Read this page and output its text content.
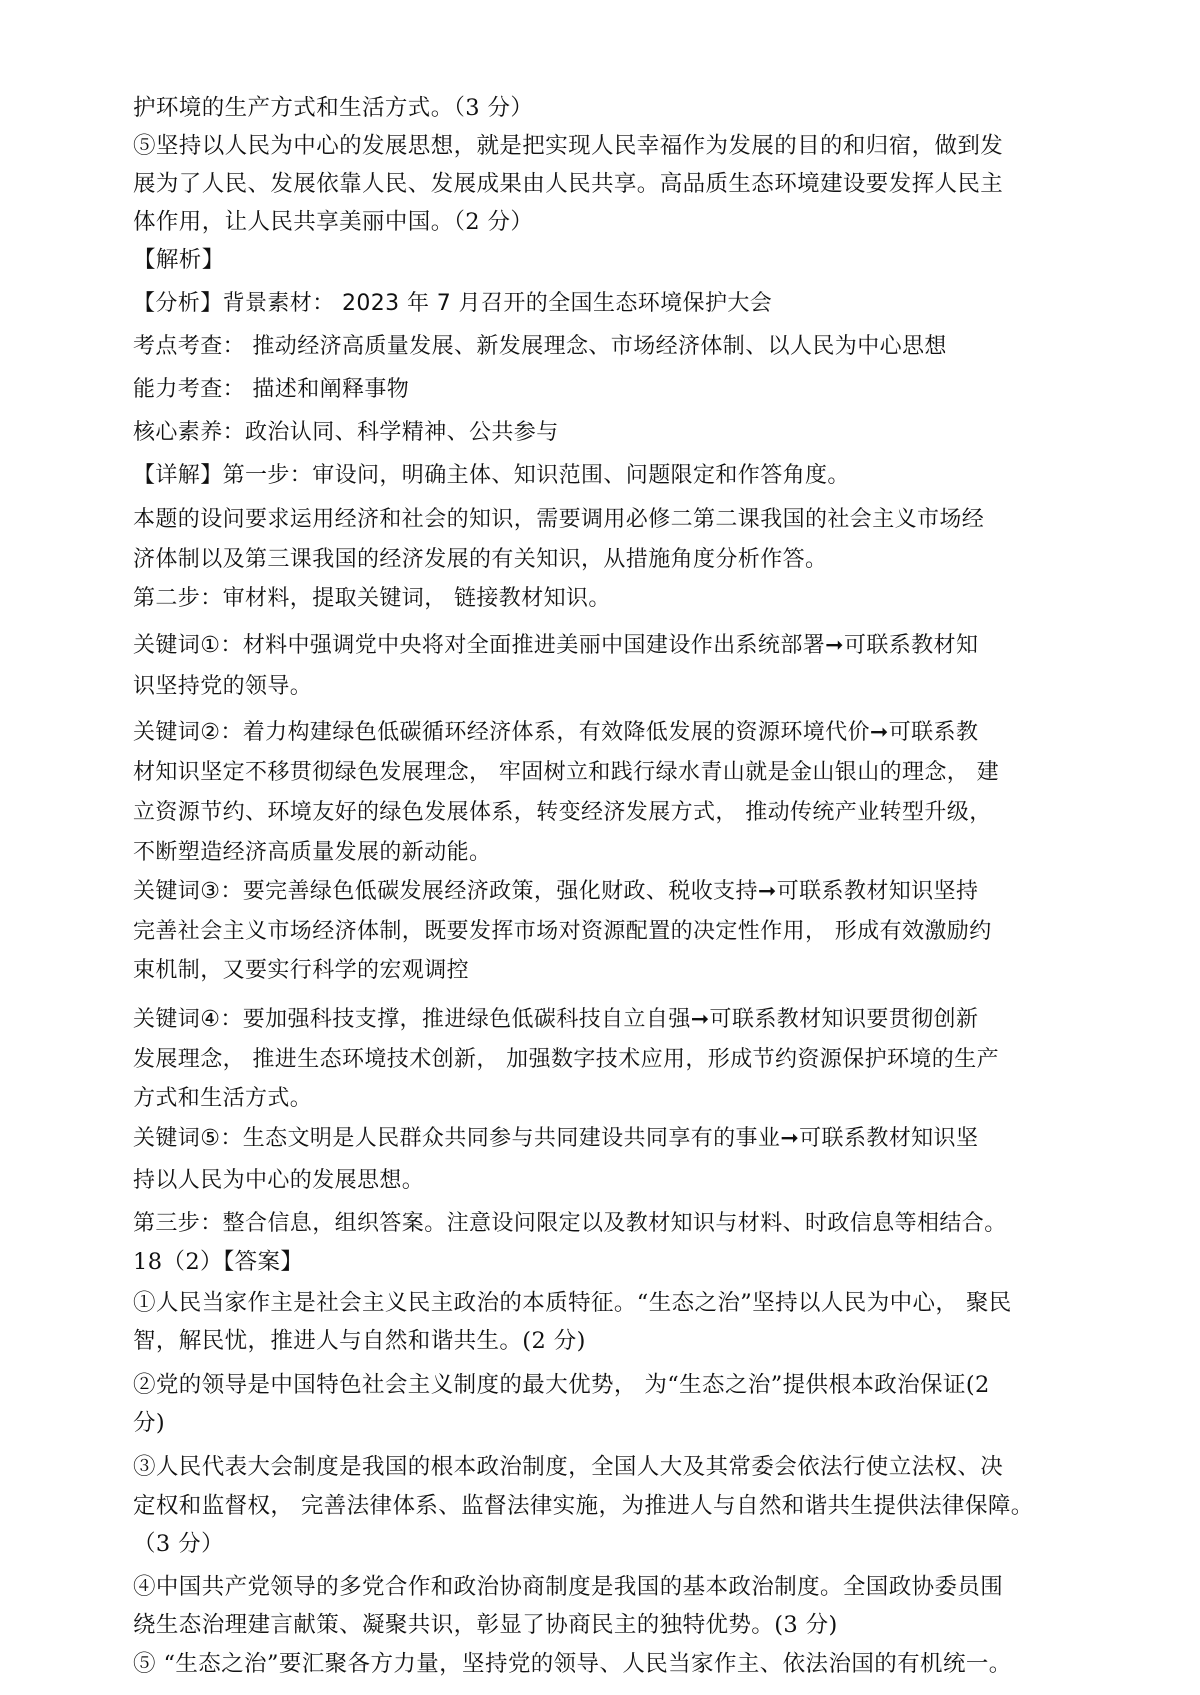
护环境的生产方式和生活方式。（3 分）
⑤坚持以人民为中心的发展思想，就是把实现人民幸福作为发展的目的和归宿，做到发
展为了人民、发展依靠人民、发展成果由人民共享。高品质生态环境建设要发挥人民主
体作用，让人民共享美丽中国。（2 分）
【解析】
【分析】背景素材： 2023 年 7 月召开的全国生态环境保护大会
考点考查： 推动经济高质量发展、新发展理念、市场经济体制、以人民为中心思想
能力考查： 描述和阐释事物
核心素养：政治认同、科学精神、公共参与
【详解】第一步：审设问，明确主体、知识范围、问题限定和作答角度。
本题的设问要求运用经济和社会的知识，需要调用必修二第二课我国的社会主义市场经
济体制以及第三课我国的经济发展的有关知识，从措施角度分析作答。
第二步：审材料，提取关键词， 链接教材知识。
关键词①：材料中强调党中央将对全面推进美丽中国建设作出系统部署➞可联系教材知
识坚持党的领导。
关键词②：着力构建绿色低碳循环经济体系，有效降低发展的资源环境代价➞可联系教
材知识坚定不移贯彻绿色发展理念， 牢固树立和践行绿水青山就是金山银山的理念， 建
立资源节约、环境友好的绿色发展体系，转变经济发展方式， 推动传统产业转型升级，
不断塑造经济高质量发展的新动能。
关键词③：要完善绿色低碳发展经济政策，强化财政、税收支持➞可联系教材知识坚持
完善社会主义市场经济体制，既要发挥市场对资源配置的决定性作用， 形成有效激励约
束机制，又要实行科学的宏观调控
关键词④：要加强科技支撑，推进绿色低碳科技自立自强➞可联系教材知识要贯彻创新
发展理念， 推进生态环境技术创新， 加强数字技术应用，形成节约资源保护环境的生产
方式和生活方式。
关键词⑤：生态文明是人民群众共同参与共同建设共同享有的事业➞可联系教材知识坚
持以人民为中心的发展思想。
第三步：整合信息，组织答案。注意设问限定以及教材知识与材料、时政信息等相结合。
18（2）【答案】
①人民当家作主是社会主义民主政治的本质特征。“生态之治”坚持以人民为中心， 聚民
智，解民忧，推进人与自然和谐共生。(2 分)
②党的领导是中国特色社会主义制度的最大优势， 为“生态之治”提供根本政治保证(2
分)
③人民代表大会制度是我国的根本政治制度，全国人大及其常委会依法行使立法权、决
定权和监督权， 完善法律体系、监督法律实施，为推进人与自然和谐共生提供法律保障。
（3 分）
④中国共产党领导的多党合作和政治协商制度是我国的基本政治制度。全国政协委员围
绕生态治理建言献策、凝聚共识，彰显了协商民主的独特优势。(3 分)
⑤ “生态之治”要汇聚各方力量，坚持党的领导、人民当家作主、依法治国的有机统一。
